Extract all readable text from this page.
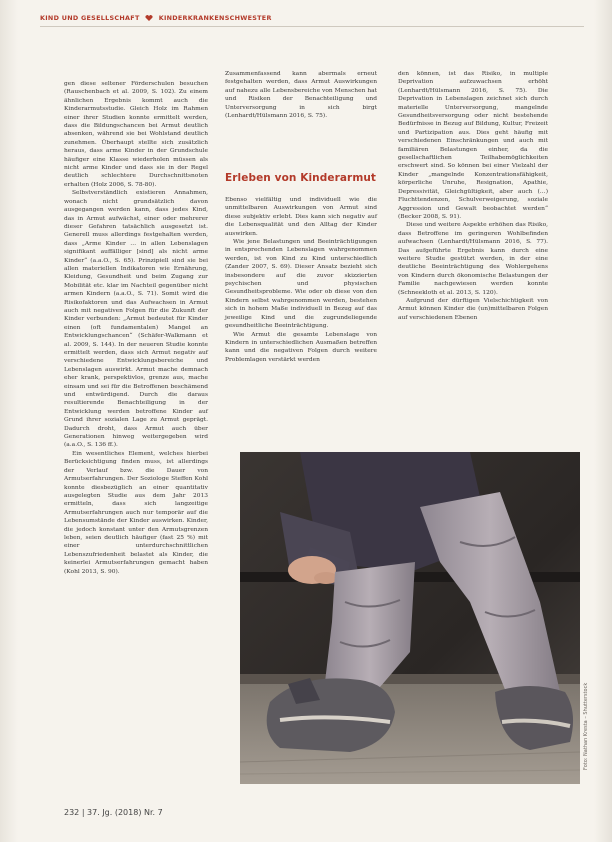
KIND UND GESELLSCHAFT	KINDERKRANKENSCHWESTER

gen diese seltener Förderschulen besuchen (Rauschenbach et al. 2009, S. 102). Zu einem ähnlichen Ergebnis kommt auch die Kinderarmutsstudie. Gleich Holz im Rahmen einer ihrer Studien konnte ermittelt werden, dass die Bildungschancen bei Armut deutlich absenken, während sie bei Wohlstand deutlich zunehmen. Überhaupt stellte sich zusätzlich heraus, dass arme Kinder in der Grundschule häufiger eine Klasse wiederholen müssen als nicht arme Kinder und dass sie in der Regel deutlich schlechtere Durchschnittsnoten erhalten (Holz 2006, S. 78-80).

Selbstverständlich existieren Annahmen, wonach nicht grundsätzlich davon ausgegangen werden kann, dass jedes Kind, das in Armut aufwächst, einer oder mehrerer dieser Gefahren tatsächlich ausgesetzt ist. Generell muss allerdings festgehalten werden, dass „Arme Kinder … in allen Lebenslagen signifikant auffälliger [sind] als nicht arme Kinder“ (a.a.O., S. 65). Prinzipiell sind sie bei allen materiellen Indikatoren wie Ernährung, Kleidung, Gesundheit und beim Zugang zur Mobilität etc. klar im Nachteil gegenüber nicht armen Kindern (a.a.O., S. 71). Somit wird die Risikofaktoren und das Aufwachsen in Armut auch mit negativen Folgen für die Zukunft der Kinder verbunden: „Armut bedeutet für Kinder einen (oft fundamentalen) Mangel an Entwicklungschancen“ (Schäfer-Walkmann et al. 2009, S. 144). In der neueren Studie konnte ermittelt werden, dass sich Armut negativ auf verschiedene Entwicklungsbereiche und Lebenslagen auswirkt. Armut mache demnach eher krank, perspektivlos, grenze aus, mache einsam und sei für die Betroffenen beschämend und entwürdigend. Durch die daraus resultierende Benachteiligung in der Entwicklung werden betroffene Kinder auf Grund ihrer sozialen Lage zu Armut geprägt. Dadurch droht, dass Armut auch über Generationen hinweg weitergegeben wird (a.a.O., S. 136 ff.).

Ein wesentliches Element, welches hierbei Berücksichtigung finden muss, ist allerdings der Verlauf bzw. die Dauer von Armutserfahrungen. Der Soziologe Steffen Kohl konnte diesbezüglich an einer quantitativ ausgelegten Studie aus dem Jahr 2013 ermitteln, dass sich langzeitige Armutserfahrungen auch nur temporär auf die Lebensumstände der Kinder auswirken. Kinder, die jedoch konstant unter den Armutsgrenzen leben, seien deutlich häufiger (fast 25 %) mit einer unterdurchschnittlichen Lebenszufriedenheit belastet als Kinder, die keinerlei Armutserfahrungen gemacht haben (Kohl 2013, S. 90).

Zusammenfassend kann abermals erneut festgehalten werden, dass Armut Auswirkungen auf nahezu alle Lebensbereiche von Menschen hat und Risiken der Benachteiligung und Unterversorgung in sich birgt (Lenhardt/Hülsmann 2016, S. 75).

Erleben von Kinderarmut

Ebenso vielfältig und individuell wie die unmittelbaren Auswirkungen von Armut sind diese subjektiv erlebt. Dies kann sich negativ auf die Lebensqualität und den Alltag der Kinder auswirken.

Wie jene Belastungen und Beeinträchtigungen in entsprechenden Lebenslagen wahrgenommen werden, ist von Kind zu Kind unterschiedlich (Zander 2007, S. 69). Dieser Ansatz bezieht sich insbesondere auf die zuvor skizzierten psychischen und physischen Gesundheitsprobleme. Wie oder ob diese von den Kindern selbst wahrgenommen werden, bestehen sich in hohem Maße individuell in Bezug auf das jeweilige Kind und die zugrundeliegende gesundheitliche Beeinträchtigung.

Wie Armut die gesamte Lebenslage von Kindern in unterschiedlichen Ausmaßen betreffen kann und die negativen Folgen durch weitere Problemlagen verstärkt werden

den können, ist das Risiko, in multiple Deprivation aufzuwachsen erhöht (Lenhardt/Hülsmann 2016, S. 75). Die Deprivation in Lebenslagen zeichnet sich durch materielle Unterversorgung, mangelnde Gesundheitsversorgung oder nicht bestehende Bedürfnisse in Bezug auf Bildung, Kultur, Freizeit und Partizipation aus. Dies geht häufig mit verschiedenen Einschränkungen und auch mit familiären Belastungen einher, da die gesellschaftlichen Teilhabemöglichkeiten erschwert sind. So können bei einer Vielzahl der Kinder „mangelnde Konzentrationsfähigkeit, körperliche Unruhe, Resignation, Apathie, Depressivität, Gleichgültigkeit, aber auch (…) Fluchttendenzen, Schulverweigerung, soziale Aggression und Gewalt beobachtet werden“ (Becker 2008, S. 91).

Diese und weitere Aspekte erhöhen das Risiko, dass Betroffene im geringeren Wohlbefinden aufwachsen (Lenhardt/Hülsmann 2016, S. 77). Das aufgeführte Ergebnis kann durch eine weitere Studie gestützt werden, in der eine deutliche Beeinträchtigung des Wohlergehens von Kindern durch ökonomische Belastungen der Familie nachgewiesen werden konnte (Schneekloth et al. 2013, S. 120).

Aufgrund der dürftigen Vielschichtigkeit von Armut können Kinder die (un)mittelbaren Folgen auf verschiedenen Ebenen

232 | 37. Jg. (2018) Nr. 7
